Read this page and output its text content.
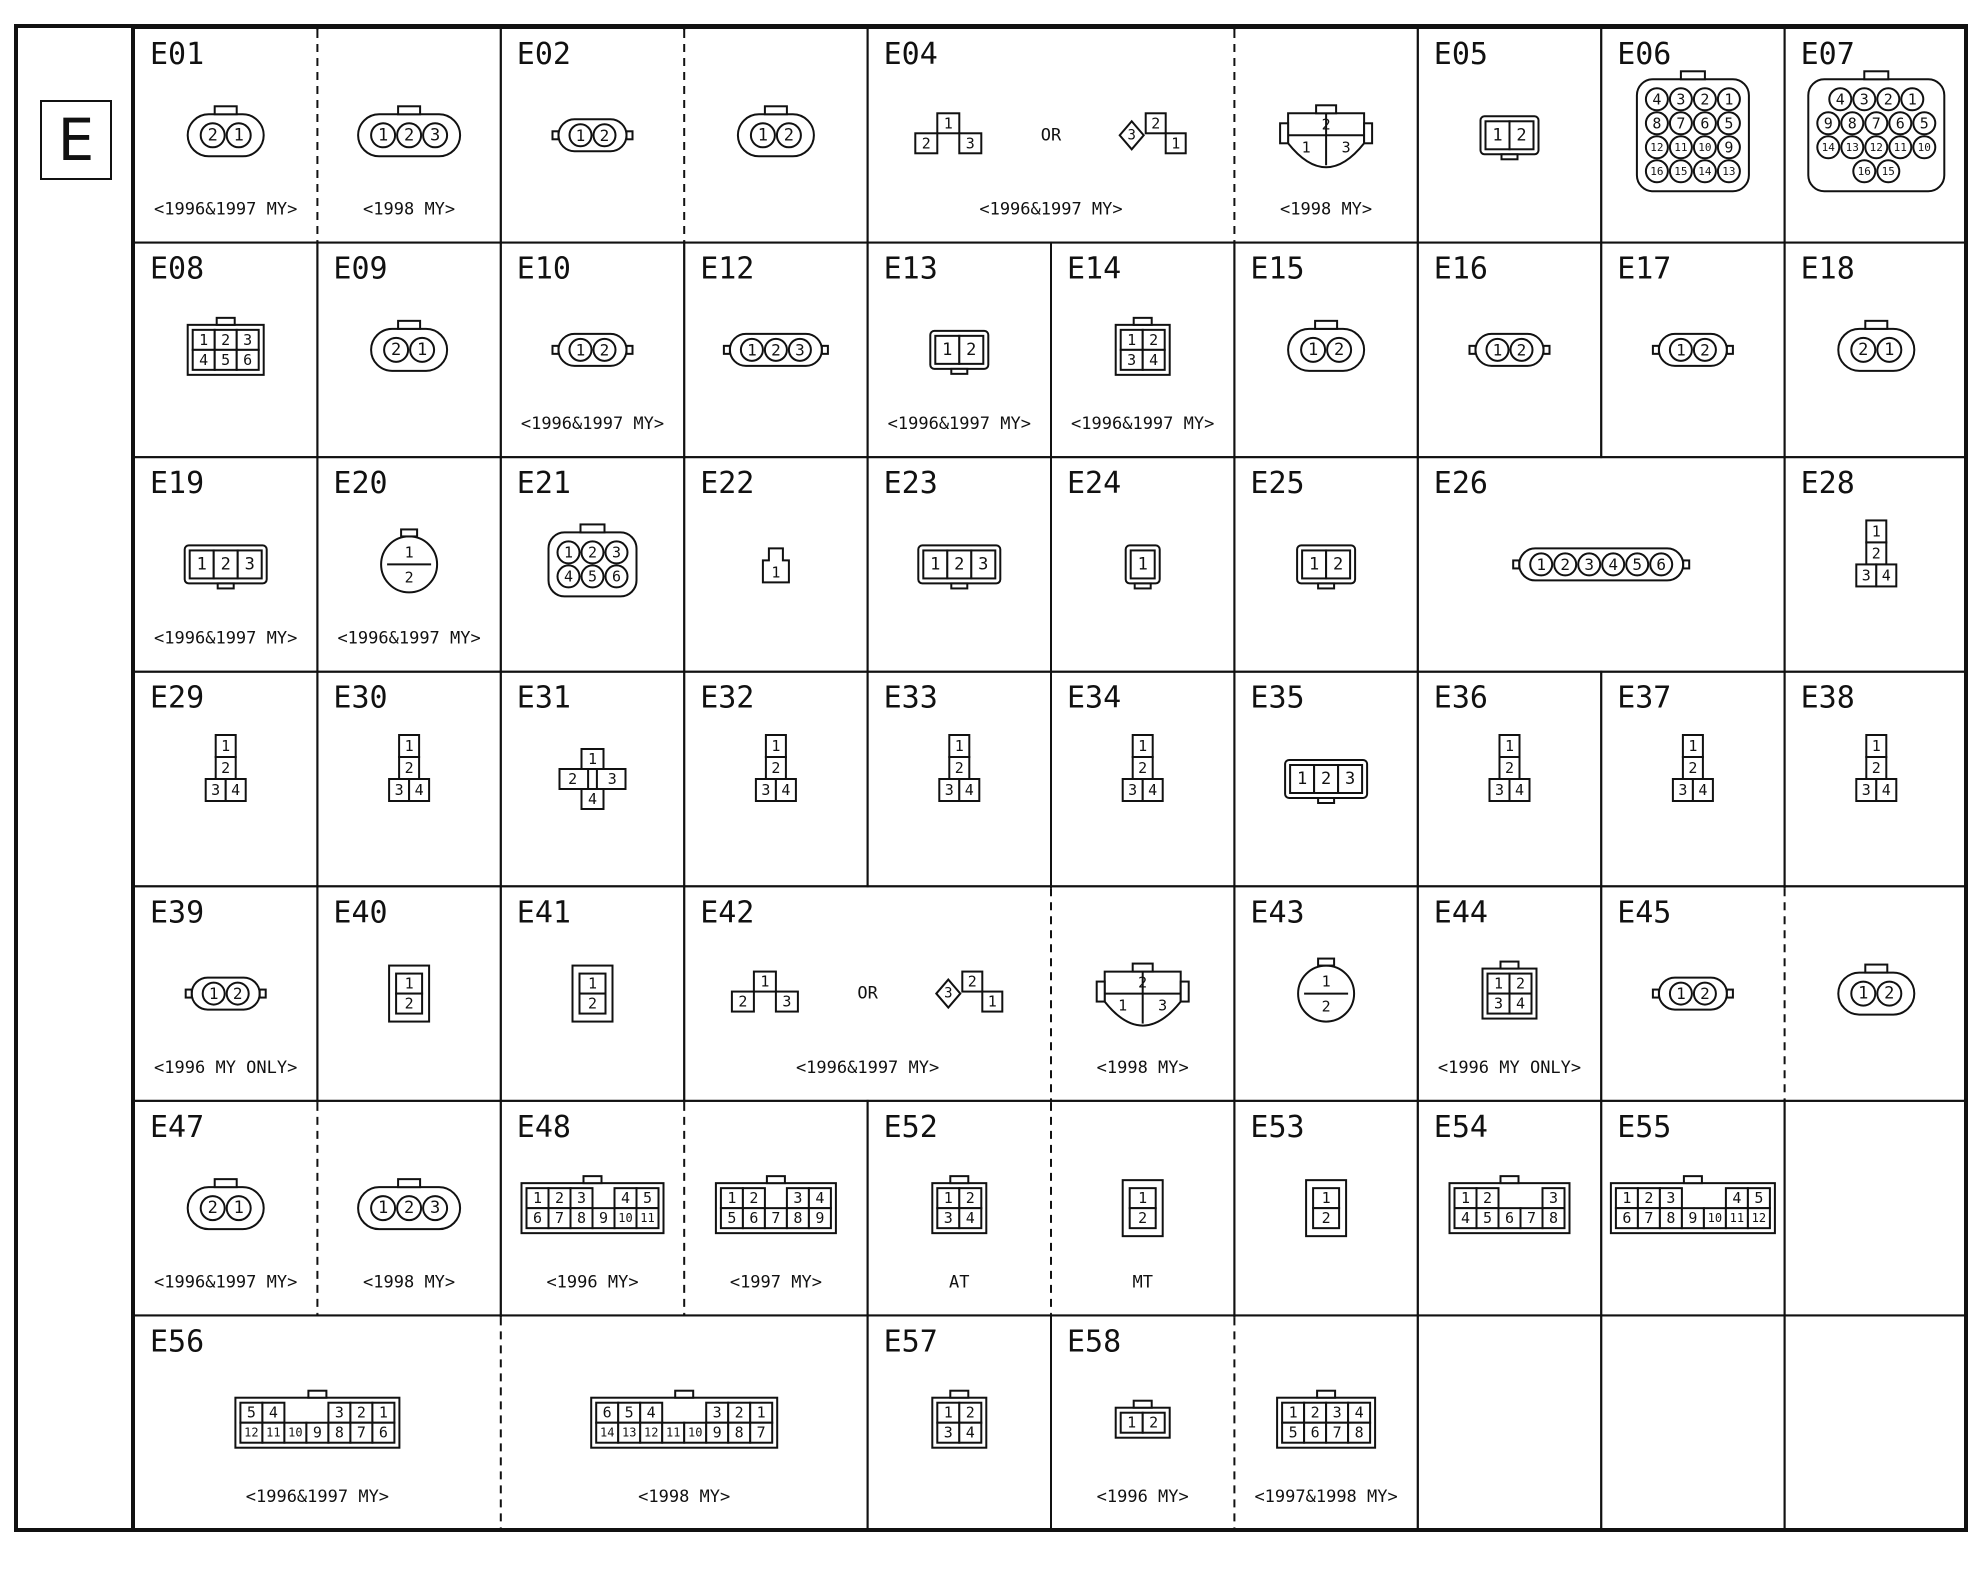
E
E01
2 1
<1996&1997 MY>
1 2 3
<1998 MY>
E02
1 2	1 2
E04
1
2 3	3
2
1
OR
<1996&1997 MY>
2
1 3
<1998 MY>
E05
1 2
E06
4 3 2 1
8 7 6 5
12 11 10 9
16 15 14 13
E07
4 3 2 1
9 8 7 6 5
14 13 12 11 10
16 15
E08
1 2 3
4 5 6
E09
2 1
E10
1 2
<1996&1997 MY>
E12
1 2 3
E13
1 2
<1996&1997 MY>
E14
1 2
3 4
<1996&1997 MY>
E15
1 2
E16
1 2
E17
1 2
E18
2 1
E19
1 2 3
<1996&1997 MY>
E20
1
2
<1996&1997 MY>
E21
1 2 3
4 5 6
E22
1
E23
1 2 3
E24
1
E25
1 2
E26
1 2 3 4 5 6
E28
1
2
3 4
E29
1
2
3 4
E30
1
2
3 4
E31
1
2 3
4
E32
1
2
3 4
E33
1
2
3 4
E34
1
2
3 4
E35
1 2 3
E36
1
2
3 4
E37
1
2
3 4
E38
1
2
3 4
E39
1 2
<1996 MY ONLY>
E40
1
2
E41
1
2
E42
1
2 3	3
2
1
OR
<1996&1997 MY>
2
1 3
<1998 MY>
E43
1
2
E44
1 2
3 4
<1996 MY ONLY>
E45
1 2	1 2
E47
2 1
<1996&1997 MY>
1 2 3
<1998 MY>
E48
1 2 3 4 5
6 7 8 9 10 11
<1996 MY>
1 2 3 4
5 6 7 8 9
<1997 MY>
E52
1 2
3 4
AT
1
2
MT
E53
1
2
E54
1 2	3
4 5 6 7 8
E55
1 2 3	4 5
6 7 8 9 10 11 12
E56
5 4	3 2 1
12 11 10 9 8 7 6
<1996&1997 MY>
6 5 4	3 2 1
14 13 12 11 10 9 8 7
<1998 MY>
E57
1 2
3 4
E58
1 2
<1996 MY>
1 2 3 4
5 6 7 8
<1997&1998 MY>
